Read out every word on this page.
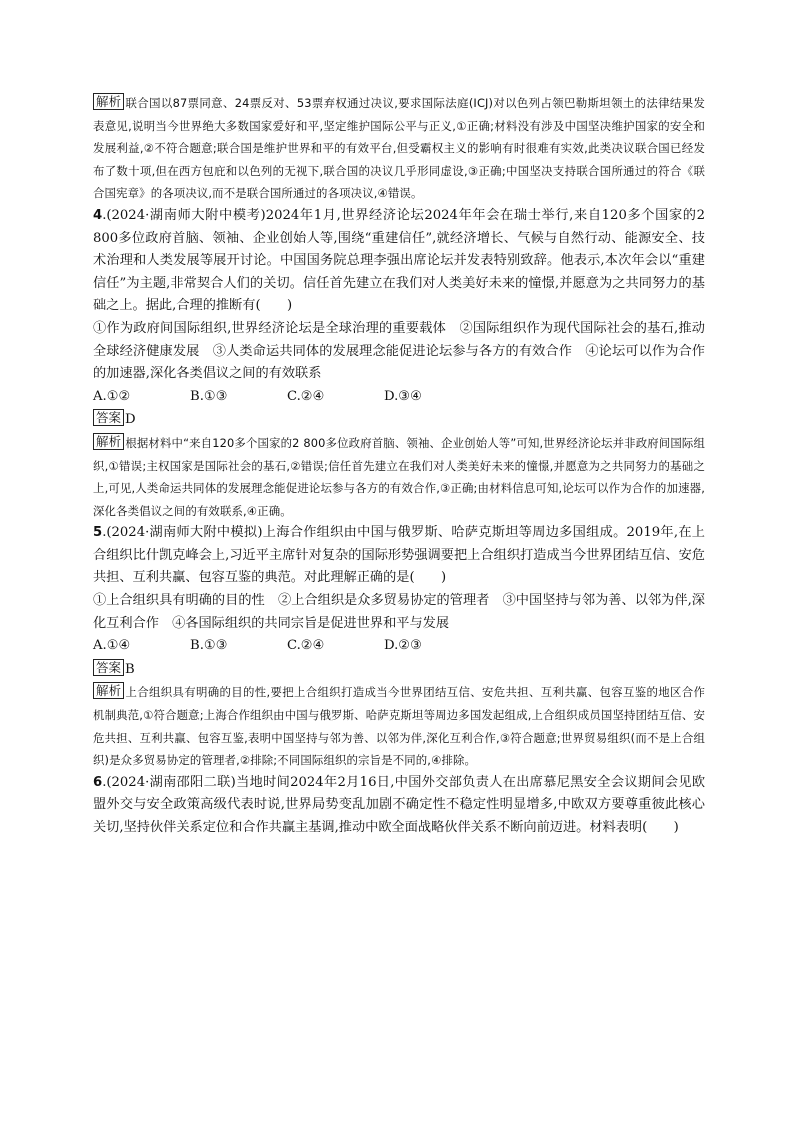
解析 联合国以87票同意、24票反对、53票弃权通过决议,要求国际法庭(ICJ)对以色列占领巴勒斯坦领土的法律结果发表意见,说明当今世界绝大多数国家爱好和平,坚定维护国际公平与正义,①正确;材料没有涉及中国坚决维护国家的安全和发展利益,②不符合题意;联合国是维护世界和平的有效平台,但受霸权主义的影响有时很难有实效,此类决议联合国已经发布了数十项,但在西方包庇和以色列的无视下,联合国的决议几乎形同虚设,③正确;中国坚决支持联合国所通过的符合《联合国宪章》的各项决议,而不是联合国所通过的各项决议,④错误。

4.(2024·湖南师大附中模考)2024年1月,世界经济论坛2024年年会在瑞士举行,来自120多个国家的2 800多位政府首脑、领袖、企业创始人等,围绕“重建信任”,就经济增长、气候与自然行动、能源安全、技术治理和人类发展等展开讨论。中国国务院总理李强出席论坛并发表特别致辞。他表示,本次年会以“重建信任”为主题,非常契合人们的关切。信任首先建立在我们对人类美好未来的憧憬,并愿意为之共同努力的基础之上。据此,合理的推断有(　　)

①作为政府间国际组织,世界经济论坛是全球治理的重要载体　②国际组织作为现代国际社会的基石,推动全球经济健康发展　③人类命运共同体的发展理念能促进论坛参与各方的有效合作　④论坛可以作为合作的加速器,深化各类倡议之间的有效联系

A.①②	B.①③	C.②④	D.③④

答案 D

解析 根据材料中“来自120多个国家的2 800多位政府首脑、领袖、企业创始人等”可知,世界经济论坛并非政府间国际组织,①错误;主权国家是国际社会的基石,②错误;信任首先建立在我们对人类美好未来的憧憬,并愿意为之共同努力的基础之上,可见,人类命运共同体的发展理念能促进论坛参与各方的有效合作,③正确;由材料信息可知,论坛可以作为合作的加速器,深化各类倡议之间的有效联系,④正确。

5.(2024·湖南师大附中模拟)上海合作组织由中国与俄罗斯、哈萨克斯坦等周边多国组成。2019年,在上合组织比什凯克峰会上,习近平主席针对复杂的国际形势强调要把上合组织打造成当今世界团结互信、安危共担、互利共赢、包容互鉴的典范。对此理解正确的是(　　)

①上合组织具有明确的目的性　②上合组织是众多贸易协定的管理者　③中国坚持与邻为善、以邻为伴,深化互利合作　④各国际组织的共同宗旨是促进世界和平与发展

A.①④	B.①③	C.②④	D.②③

答案 B

解析 上合组织具有明确的目的性,要把上合组织打造成当今世界团结互信、安危共担、互利共赢、包容互鉴的地区合作机制典范,①符合题意;上海合作组织由中国与俄罗斯、哈萨克斯坦等周边多国发起组成,上合组织成员国坚持团结互信、安危共担、互利共赢、包容互鉴,表明中国坚持与邻为善、以邻为伴,深化互利合作,③符合题意;世界贸易组织(而不是上合组织)是众多贸易协定的管理者,②排除;不同国际组织的宗旨是不同的,④排除。

6.(2024·湖南邵阳二联)当地时间2024年2月16日,中国外交部负责人在出席慕尼黑安全会议期间会见欧盟外交与安全政策高级代表时说,世界局势变乱加剧不确定性不稳定性明显增多,中欧双方要尊重彼此核心关切,坚持伙伴关系定位和合作共赢主基调,推动中欧全面战略伙伴关系不断向前迈进。材料表明(　　)
